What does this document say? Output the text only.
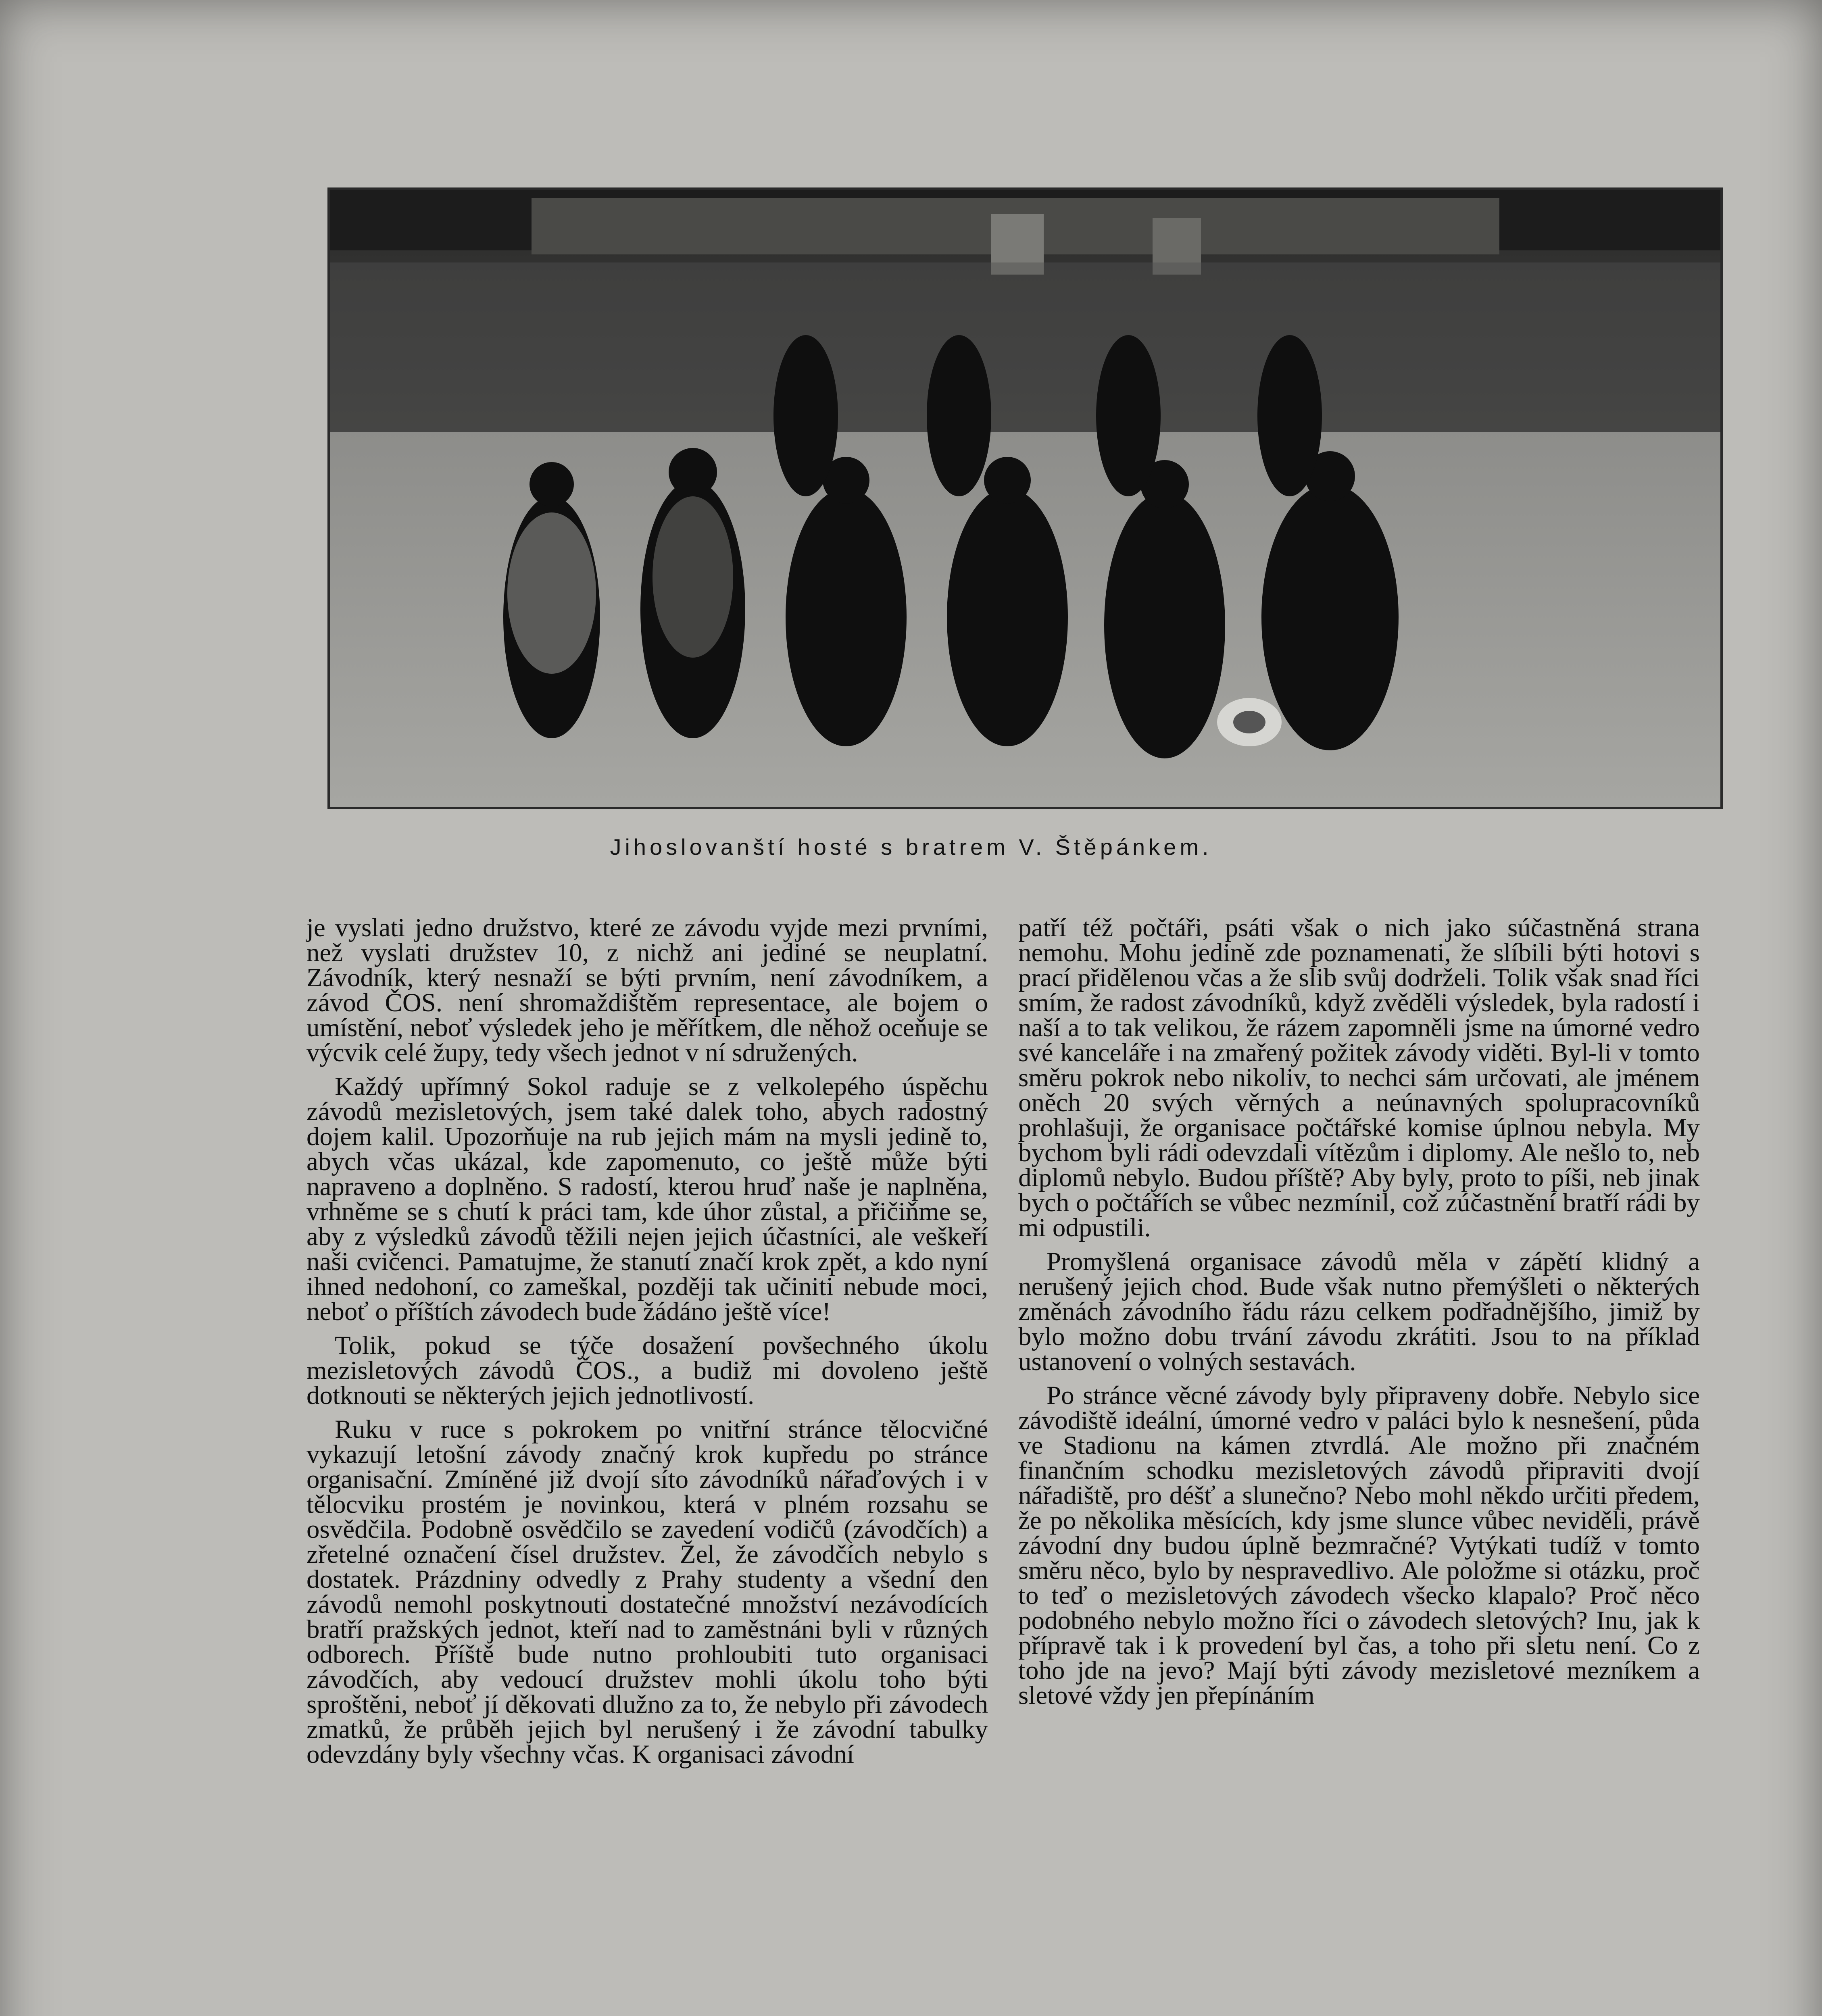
Jihoslovanští hosté s bratrem V. Štěpánkem.

je vyslati jedno družstvo, které ze závodu vyjde mezi prvními, než vyslati družstev 10, z nichž ani jediné se neuplatní. Závodník, který nesnaží se býti prvním, není závodníkem, a závod ČOS. není shromaždištěm representace, ale bojem o umístění, neboť výsledek jeho je měřítkem, dle něhož oceňuje se výcvik celé župy, tedy všech jednot v ní sdružených.

Každý upřímný Sokol raduje se z velkolepého úspěchu závodů mezisletových, jsem také dalek toho, abych radostný dojem kalil. Upozorňuje na rub jejich mám na mysli jedině to, abych včas ukázal, kde zapomenuto, co ještě může býti napraveno a doplněno. S radostí, kterou hruď naše je naplněna, vrhněme se s chutí k práci tam, kde úhor zůstal, a přičiňme se, aby z výsledků závodů těžili nejen jejich účastníci, ale veškeří naši cvičenci. Pamatujme, že stanutí značí krok zpět, a kdo nyní ihned nedohoní, co zameškal, později tak učiniti nebude moci, neboť o příštích závodech bude žádáno ještě více!

Tolik, pokud se týče dosažení povšechného úkolu mezisletových závodů ČOS., a budiž mi dovoleno ještě dotknouti se některých jejich jednotlivostí.

Ruku v ruce s pokrokem po vnitřní stránce tělocvičné vykazují letošní závody značný krok kupředu po stránce organisační. Zmíněné již dvojí síto závodníků nářaďových i v tělocviku prostém je novinkou, která v plném rozsahu se osvědčila. Podobně osvědčilo se zavedení vodičů (závodčích) a zřetelné označení čísel družstev. Žel, že závodčích nebylo s dostatek. Prázdniny odvedly z Prahy studenty a všední den závodů nemohl poskytnouti dostatečné množství nezávodících bratří pražských jednot, kteří nad to zaměstnáni byli v různých odborech. Příště bude nutno prohloubiti tuto organisaci závodčích, aby vedoucí družstev mohli úkolu toho býti sproštěni, neboť jí děkovati dlužno za to, že nebylo při závodech zmatků, že průběh jejich byl nerušený i že závodní tabulky odevzdány byly všechny včas. K organisaci závodní

patří též počtáři, psáti však o nich jako súčastněná strana nemohu. Mohu jedině zde poznamenati, že slíbili býti hotovi s prací přidělenou včas a že slib svůj dodrželi. Tolik však snad říci smím, že radost závodníků, když zvěděli výsledek, byla radostí i naší a to tak velikou, že rázem zapomněli jsme na úmorné vedro své kanceláře i na zmařený požitek závody viděti. Byl-li v tomto směru pokrok nebo nikoliv, to nechci sám určovati, ale jménem oněch 20 svých věrných a neúnavných spolupracovníků prohlašuji, že organisace počtářské komise úplnou nebyla. My bychom byli rádi odevzdali vítězům i diplomy. Ale nešlo to, neb diplomů nebylo. Budou příště? Aby byly, proto to píši, neb jinak bych o počtářích se vůbec nezmínil, což zúčastnění bratří rádi by mi odpustili.

Promyšlená organisace závodů měla v zápětí klidný a nerušený jejich chod. Bude však nutno přemýšleti o některých změnách závodního řádu rázu celkem podřadnějšího, jimiž by bylo možno dobu trvání závodu zkrátiti. Jsou to na příklad ustanovení o volných sestavách.

Po stránce věcné závody byly připraveny dobře. Nebylo sice závodiště ideální, úmorné vedro v paláci bylo k nesnešení, půda ve Stadionu na kámen ztvrdlá. Ale možno při značném finančním schodku mezisletových závodů připraviti dvojí nářadiště, pro déšť a slunečno? Nebo mohl někdo určiti předem, že po několika měsících, kdy jsme slunce vůbec neviděli, právě závodní dny budou úplně bezmračné? Vytýkati tudíž v tomto směru něco, bylo by nespravedlivo. Ale položme si otázku, proč to teď o mezisletových závodech všecko klapalo? Proč něco podobného nebylo možno říci o závodech sletových? Inu, jak k přípravě tak i k provedení byl čas, a toho při sletu není. Co z toho jde na jevo? Mají býti závody mezisletové mezníkem a sletové vždy jen přepínáním
